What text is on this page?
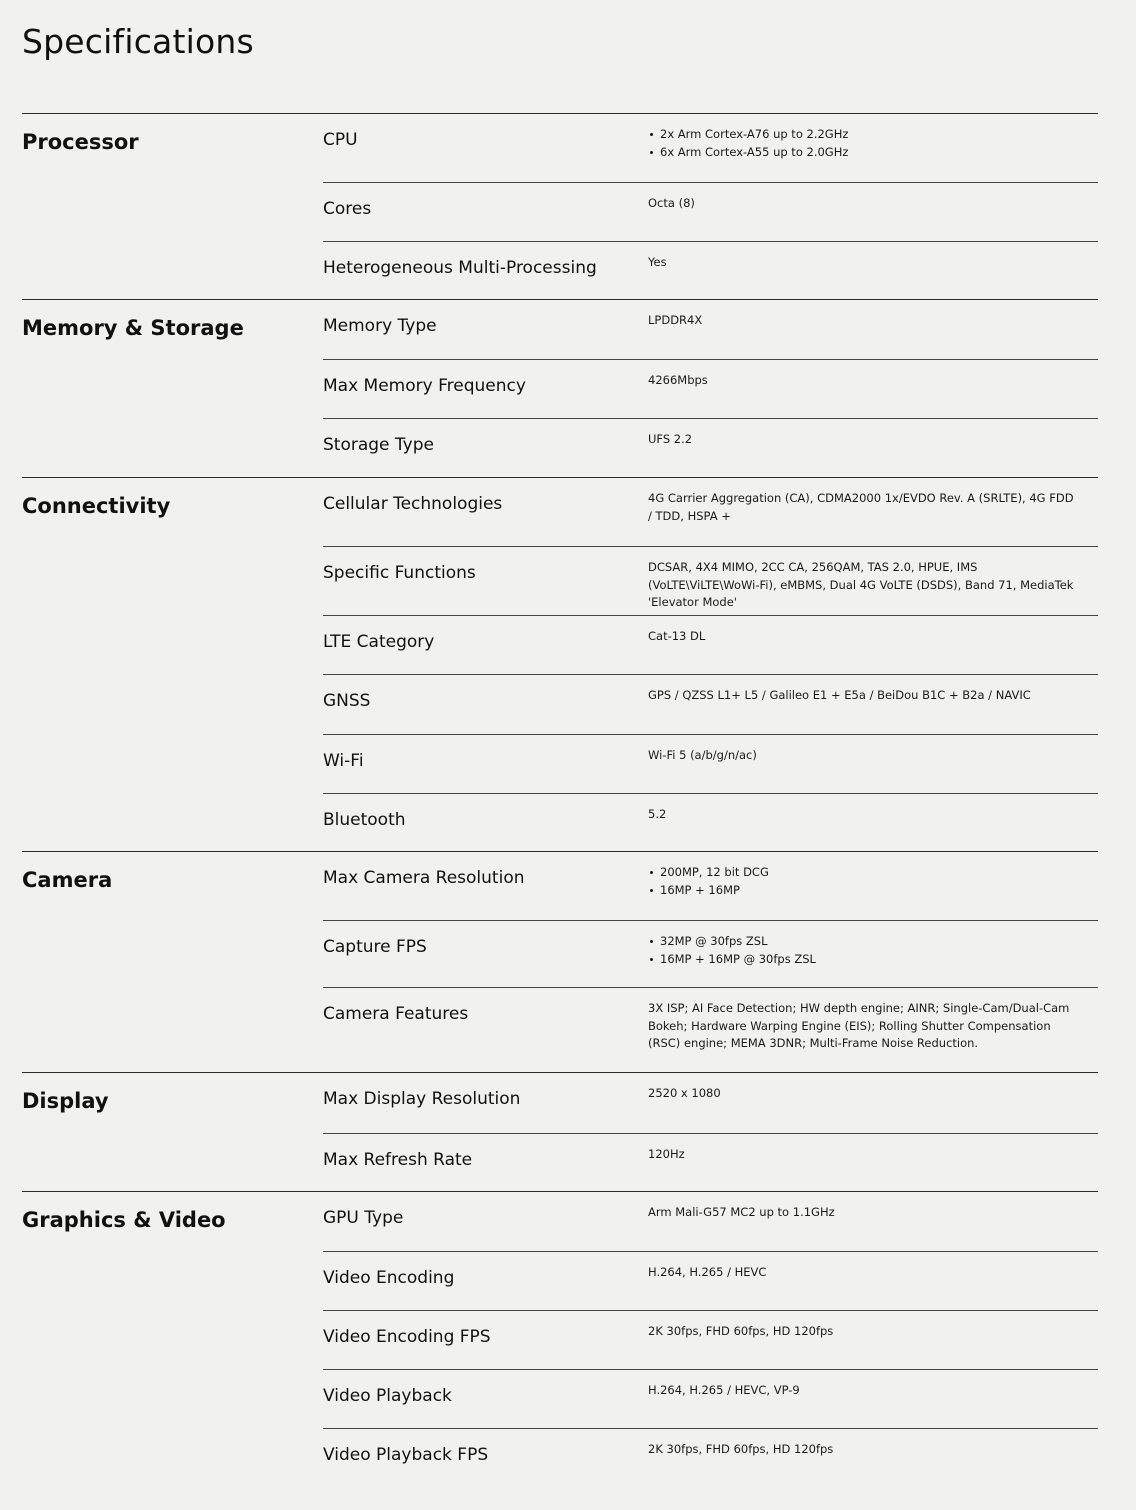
Specifications
Processor	CPU	2x Arm Cortex-A76 up to 2.2GHz
6x Arm Cortex-A55 up to 2.0GHz
Cores	Octa (8)
Heterogeneous Multi-Processing	Yes
Memory & Storage	Memory Type	LPDDR4X
Max Memory Frequency	4266Mbps
Storage Type	UFS 2.2
Connectivity	Cellular Technologies	4G Carrier Aggregation (CA), CDMA2000 1x/EVDO Rev. A (SRLTE), 4G FDD / TDD, HSPA +
Specific Functions	DCSAR, 4X4 MIMO, 2CC CA, 256QAM, TAS 2.0, HPUE, IMS (VoLTE\ViLTE\WoWi-Fi), eMBMS, Dual 4G VoLTE (DSDS), Band 71, MediaTek 'Elevator Mode'
LTE Category	Cat-13 DL
GNSS	GPS / QZSS L1+ L5 / Galileo E1 + E5a / BeiDou B1C + B2a / NAVIC
Wi-Fi	Wi-Fi 5 (a/b/g/n/ac)
Bluetooth	5.2
Camera	Max Camera Resolution	200MP, 12 bit DCG
16MP + 16MP
Capture FPS	32MP @ 30fps ZSL
16MP + 16MP @ 30fps ZSL
Camera Features	3X ISP; AI Face Detection; HW depth engine; AINR; Single-Cam/Dual-Cam Bokeh; Hardware Warping Engine (EIS); Rolling Shutter Compensation (RSC) engine; MEMA 3DNR; Multi-Frame Noise Reduction.
Display	Max Display Resolution	2520 x 1080
Max Refresh Rate	120Hz
Graphics & Video	GPU Type	Arm Mali-G57 MC2 up to 1.1GHz
Video Encoding	H.264, H.265 / HEVC
Video Encoding FPS	2K 30fps, FHD 60fps, HD 120fps
Video Playback	H.264, H.265 / HEVC, VP-9
Video Playback FPS	2K 30fps, FHD 60fps, HD 120fps
